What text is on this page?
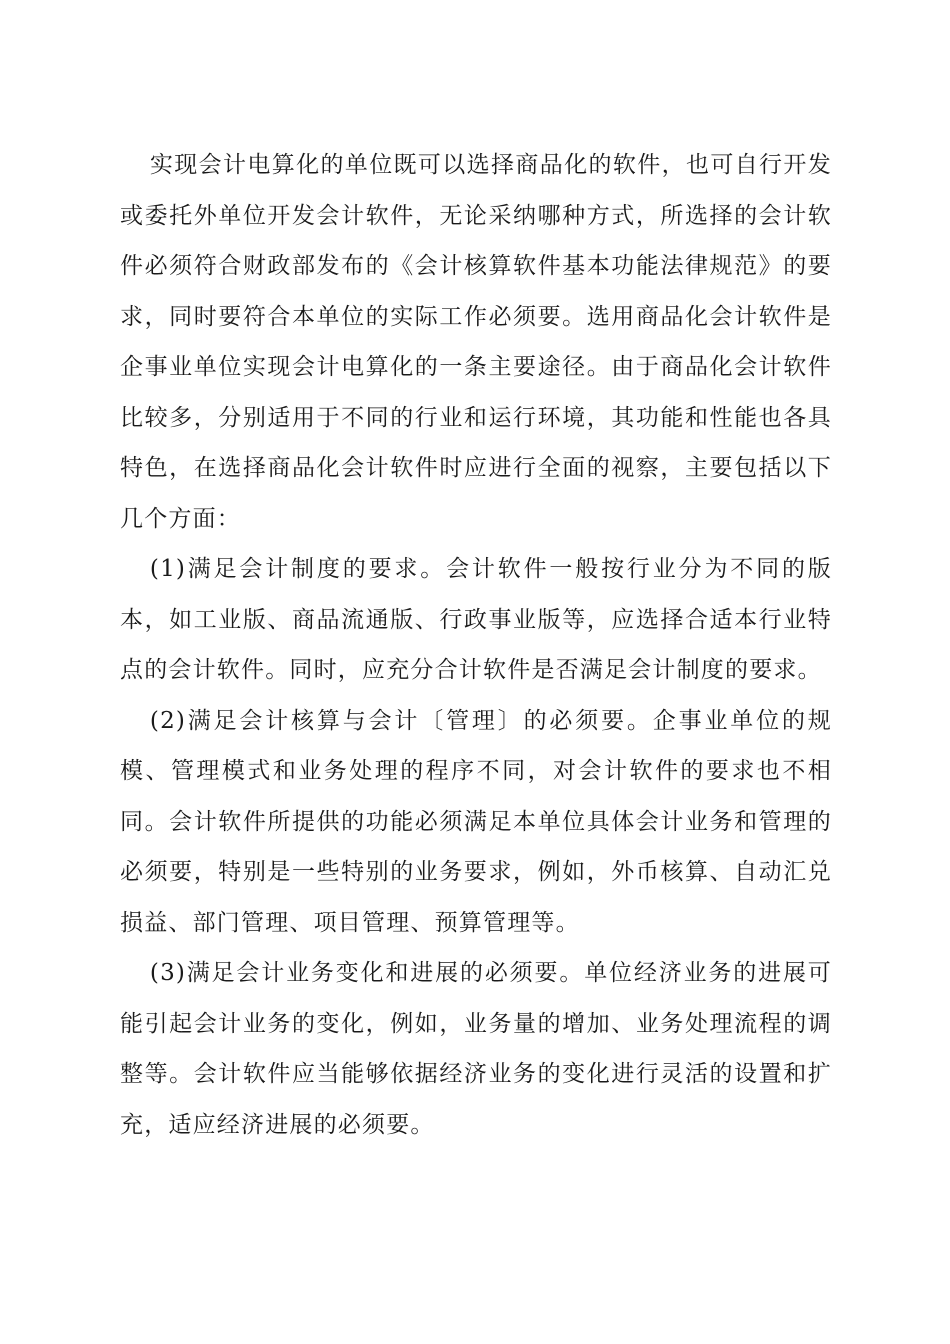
实现会计电算化的单位既可以选择商品化的软件，也可自行开发或委托外单位开发会计软件，无论采纳哪种方式，所选择的会计软件必须符合财政部发布的《会计核算软件基本功能法律规范》的要求，同时要符合本单位的实际工作必须要。选用商品化会计软件是企事业单位实现会计电算化的一条主要途径。由于商品化会计软件比较多，分别适用于不同的行业和运行环境，其功能和性能也各具特色，在选择商品化会计软件时应进行全面的视察，主要包括以下几个方面：

(1)满足会计制度的要求。会计软件一般按行业分为不同的版本，如工业版、商品流通版、行政事业版等，应选择合适本行业特点的会计软件。同时，应充分合计软件是否满足会计制度的要求。

(2)满足会计核算与会计〔管理〕的必须要。企事业单位的规模、管理模式和业务处理的程序不同，对会计软件的要求也不相同。会计软件所提供的功能必须满足本单位具体会计业务和管理的必须要，特别是一些特别的业务要求，例如，外币核算、自动汇兑损益、部门管理、项目管理、预算管理等。

(3)满足会计业务变化和进展的必须要。单位经济业务的进展可能引起会计业务的变化，例如，业务量的增加、业务处理流程的调整等。会计软件应当能够依据经济业务的变化进行灵活的设置和扩充，适应经济进展的必须要。
